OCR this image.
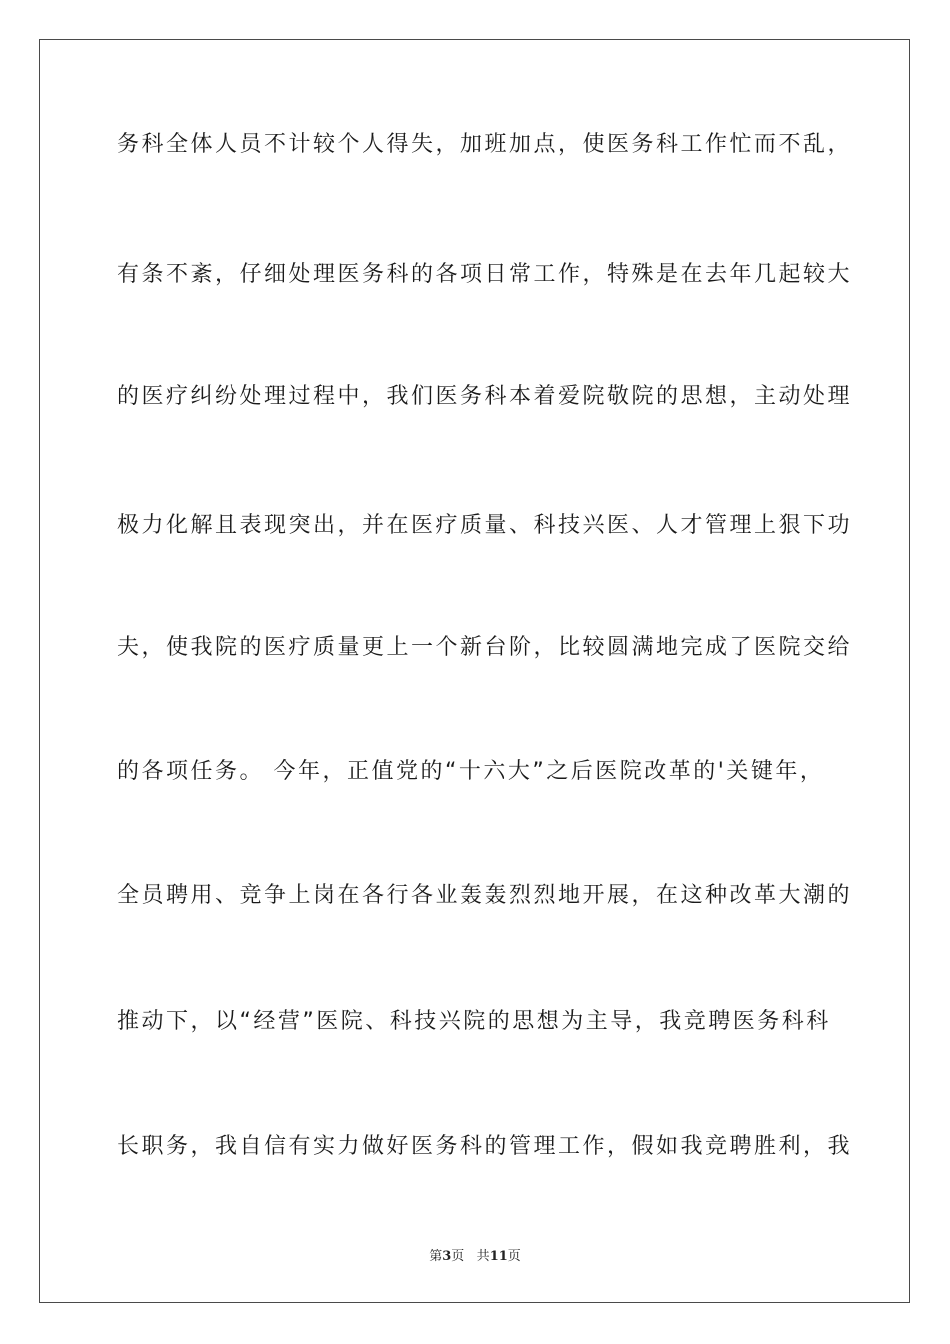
务科全体人员不计较个人得失，加班加点，使医务科工作忙而不乱，
有条不紊，仔细处理医务科的各项日常工作，特殊是在去年几起较大
的医疗纠纷处理过程中，我们医务科本着爱院敬院的思想，主动处理
极力化解且表现突出，并在医疗质量、科技兴医、人才管理上狠下功
夫，使我院的医疗质量更上一个新台阶，比较圆满地完成了医院交给
的各项任务。 今年，正值党的“十六大”之后医院改革的'关键年，
全员聘用、竞争上岗在各行各业轰轰烈烈地开展，在这种改革大潮的
推动下，以“经营”医院、科技兴院的思想为主导，我竞聘医务科科
长职务，我自信有实力做好医务科的管理工作，假如我竞聘胜利，我
第3页 共11页
